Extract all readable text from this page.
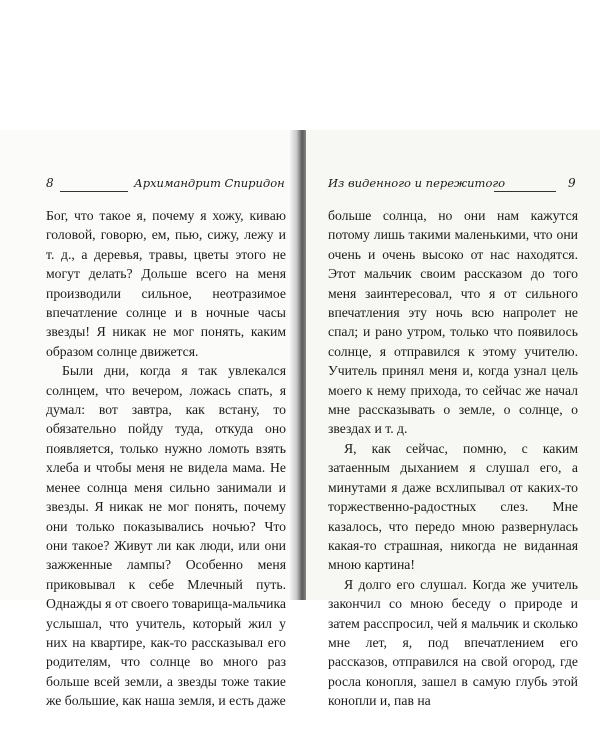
8	Архимандрит Спиридон

Бог, что такое я, почему я хожу, киваю головой, говорю, ем, пью, сижу, лежу и т. д., а деревья, травы, цветы этого не могут делать? Дольше всего на меня производили сильное, неотразимое впечатление солнце и в ночные часы звезды! Я никак не мог понять, каким образом солнце движется.

Были дни, когда я так увлекался солнцем, что вечером, ложась спать, я думал: вот завтра, как встану, то обязательно пойду туда, откуда оно появляется, только нужно ломоть взять хлеба и чтобы меня не видела мама. Не менее солнца меня сильно занимали и звезды. Я никак не мог понять, почему они только показывались ночью? Что они такое? Живут ли как люди, или они зажженные лампы? Особенно меня приковывал к себе Млечный путь. Однажды я от своего товарища-мальчика услышал, что учитель, который жил у них на квартире, как-то рассказывал его родителям, что солнце во много раз больше всей земли, а звезды тоже такие же большие, как наша земля, и есть даже

Из виденного и пережитого	9

больше солнца, но они нам кажутся потому лишь такими маленькими, что они очень и очень высоко от нас находятся. Этот мальчик своим рассказом до того меня заинтересовал, что я от сильного впечатления эту ночь всю напролет не спал; и рано утром, только что появилось солнце, я отправился к этому учителю. Учитель принял меня и, когда узнал цель моего к нему прихода, то сейчас же начал мне рассказывать о земле, о солнце, о звездах и т. д.

Я, как сейчас, помню, с каким затаенным дыханием я слушал его, а минутами я даже всхлипывал от каких-то торжественно-радостных слез. Мне казалось, что передо мною развернулась какая-то страшная, никогда не виданная мною картина!

Я долго его слушал. Когда же учитель закончил со мною беседу о природе и затем расспросил, чей я мальчик и сколько мне лет, я, под впечатлением его рассказов, отправился на свой огород, где росла конопля, зашел в самую глубь этой конопли и, пав на
